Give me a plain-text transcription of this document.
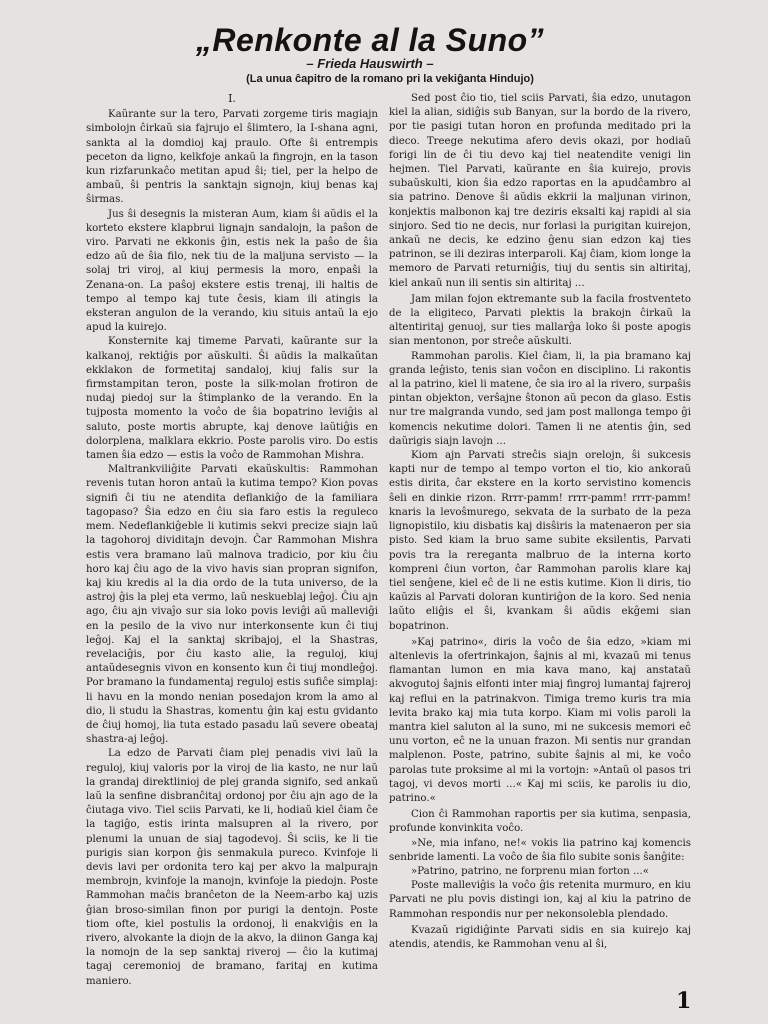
„Renkonte al la Suno”
– Frieda Hauswirth –
(La unua ĉapitro de la romano pri la vekiĝanta Hindujo)
I.

Kaŭrante sur la tero, Parvati zorgeme tiris magiajn simbolojn ĉirkaŭ sia fajrujo el ŝlimtero, la I-shana agni, sankta al la domdioj kaj praulo. Ofte ŝi entrempis peceton da ligno, kelkfoje ankaŭ la fingrojn, en la tason kun rizfarunkaĉo metitan apud ŝi; tiel, per la helpo de ambaŭ, ŝi pentris la sanktajn signojn, kiuj benas kaj ŝirmas.

Jus ŝi desegnis la misteran Aum, kiam ŝi aŭdis el la korteto ekstere klapbrui lignajn sandalojn, la paŝon de viro. Parvati ne ekkonis ĝin, estis nek la paŝo de ŝia edzo aŭ de ŝia filo, nek tiu de la maljuna servisto — la solaj tri viroj, al kiuj permesis la moro, enpaŝi la Zenana-on. La paŝoj ekstere estis trenaj, ili haltis de tempo al tempo kaj tute ĉesis, kiam ili atingis la eksteran angulon de la verando, kiu situis antaŭ la ejo apud la kuirejo.

Konsternite kaj timeme Parvati, kaŭrante sur la kalkanoj, rektiĝis por aŭskulti. Ŝi aŭdis la malkaŭtan ekklakon de formetitaj sandaloj, kiuj falis sur la firmstampitan teron, poste la silk-molan frotiron de nudaj piedoj sur la ŝtimplanko de la verando. En la tujposta momento la voĉo de ŝia bopatrino leviĝis al saluto, poste mortis abrupte, kaj denove laŭtiĝis en dolorplena, malklara ekkrio. Poste parolis viro. Do estis tamen ŝia edzo — estis la voĉo de Rammohan Mishra.

Maltrankviliĝite Parvati ekaŭskultis: Rammohan revenis tutan horon antaŭ la kutima tempo? Kion povas signifi ĉi tiu ne atendita deflankiĝo de la familiara tagopaso? Ŝia edzo en ĉiu sia faro estis la regulecо mem. Nedeflankiĝeble li kutimis sekvi precize siajn laŭ la tagohoroj dividitajn devojn. Ĉar Rammohan Mishra estis vera bramano laŭ malnova tradicio, por kiu ĉiu horo kaj ĉiu ago de la vivo havis sian propran signifon, kaj kiu kredis al la dia ordo de la tuta universo, de la astroj ĝis la plej eta vermo, laŭ neskueblaj leĝoj. Ĉiu ajn ago, ĉiu ajn vivaĵo sur sia loko povis leviĝi aŭ malleviĝi en la pesilo de la vivo nur interkonsente kun ĉi tiuj leĝoj. Kaj el la sanktaj skribajoj, el la Shastras, revelaciĝis, por ĉiu kasto alie, la reguloj, kiuj antaŭdesegnis vivon en konsento kun ĉi tiuj mondleĝoj. Por bramano la fundamentaj reguloj estis sufiĉe simplaj: li havu en la mondo nenian posedajon krom la amo al dio, li studu la Shastras, komentu ĝin kaj estu gvidanto de ĉiuj homoj, lia tuta estado pasadu laŭ severe obeataj shastra-aj leĝoj.

La edzo de Parvati ĉiam plej penadis vivi laŭ la reguloj, kiuj valoris por la viroj de lia kasto, ne nur laŭ la grandaj direktlinioj de plej granda signifo, sed ankaŭ laŭ la senfine disbranĉitaj ordonoj por ĉiu ajn ago de la ĉiutaga vivo. Tiel sciis Parvati, ke li, hodiaŭ kiel ĉiam ĉe la tagiĝo, estis irinta malsupren al la rivero, por plenumi la unuan de siaj tagodevoj. Ŝi sciis, ke li tie purigis sian korpon ĝis senmakula pureco. Kvinfoje li devis lavi per ordonita tero kaj per akvo la malpurajn membrojn, kvinfoje la manojn, kvinfoje la piedojn. Poste Rammohan maĉis branĉeton de la Neem-arbo kaj uzis ĝian broso-similan finon por purigi la dentojn. Poste tiom ofte, kiel postulis la ordonoj, li enakviĝis en la rivero, alvokante la diojn de la akvo, la diinon Ganga kaj la nomojn de la sep sanktaj riveroj — ĉio la kutimaj tagaj ceremonioj de bramano, faritaj en kutima maniero.

Sed post ĉio tio, tiel sciis Parvati, ŝia edzo, unutagon kiel la alian, sidiĝis sub Banyan, sur la bordo de la rivero, por tie pasigi tutan horon en profunda meditado pri la dieco. Treege nekutima afero devis okazi, por hodiaŭ forigi lin de ĉi tiu devo kaj tiel neatendite venigi lin hejmen. Tiel Parvati, kaŭrante en ŝia kuirejo, provis subaŭskulti, kion ŝia edzo raportas en la apudĉambro al sia patrino. Denove ŝi aŭdis ekkrii la maljunan virinon, konjektis malbonon kaj tre deziris eksalti kaj rapidi al sia sinjoro. Sed tio ne decis, nur forlasi la purigitan kuirejon, ankaŭ ne decis, ke edzino ĝenu sian edzon kaj ties patrinon, se ili deziras interparoli. Kaj ĉiam, kiom longe la memoro de Parvati returniĝis, tiuj du sentis sin altiritaj, kiel ankaŭ nun ili sentis sin altiritaj ...

Jam milan fojon ektremante sub la facila frostventeto de la eligiteco, Parvati plektis la brakojn ĉirkaŭ la altentiritaj genuoj, sur ties mallarĝa loko ŝi poste apogis sian mentonon, por streĉe aŭskulti.

Rammohan parolis. Kiel ĉiam, li, la pia bramano kaj granda leĝisto, tenis sian voĉon en disciplino. Li rakontis al la patrino, kiel li matene, ĉe sia iro al la rivero, surpaŝis pintan objekton, verŝajne ŝtonon aŭ pecon da glaso. Estis nur tre malgranda vundo, sed jam post mallonga tempo ĝi komencis nekutime dolori. Tamen li ne atentis ĝin, sed daŭrigis siajn lavojn ...

Kiom ajn Parvati streĉis siajn orelojn, ŝi sukcesis kapti nur de tempo al tempo vorton el tio, kio ankoraŭ estis dirita, ĉar ekstere en la korto servistino komencis ŝeli en dinkie rizon. Rrrr-pamm! rrrr-pamm! rrrr-pamm! knaris la levoŝmurego, sekvata de la surbato de la peza lignopistilo, kiu disbatis kaj disŝiris la matenaeron per sia pisto. Sed kiam la bruo same subite eksilentis, Parvati povis tra la rereganta malbruo de la interna korto kompreni ĉiun vorton, ĉar Rammohan parolis klare kaj tiel senĝene, kiel eĉ de li ne estis kutime. Kion li diris, tio kaŭzis al Parvati doloran kuntiriĝon de la koro. Sed nenia laŭto eliĝis el ŝi, kvankam ŝi aŭdis ekĝemi sian bopatrinon.

»Kaj patrino«, diris la voĉo de ŝia edzo, »kiam mi altenlevis la ofertrinkajon, ŝajnis al mi, kvazaŭ mi tenus flamantan lumon en mia kava mano, kaj anstataŭ akvogutoj ŝajnis elfonti inter miaj fingroj lumantaj fajreroj kaj reflui en la patrinakvon. Timiga tremo kuris tra mia levita brako kaj mia tuta korpo. Kiam mi volis paroli la mantra kiel saluton al la suno, mi ne sukcesis memori eĉ unu vorton, eĉ ne la unuan frazon. Mi sentis nur grandan malplenon. Poste, patrino, subite ŝajnis al mi, ke voĉo parolas tute proksime al mi la vortojn: »Antaŭ ol pasos tri tagoj, vi devos morti ...« Kaj mi sciis, ke parolis iu dio, patrino.«

Cion ĉi Rammohan raportis per sia kutima, senpasia, profunde konvinkita voĉo.

»Ne, mia infano, ne!« vokis lia patrino kaj komencis senbride lamenti. La voĉo de ŝia filo subite sonis ŝanĝite:

»Patrino, patrino, ne forprenu mian forton ...«

Poste malleviĝis la voĉo ĝis retenita murmuro, en kiu Parvati ne plu povis distingi ion, kaj al kiu la patrino de Rammohan respondis nur per nekonsolebla plendado.

Kvazaŭ rigidiĝinte Parvati sidis en sia kuirejo kaj atendis, atendis, ke Rammohan venu al ŝi,

1
